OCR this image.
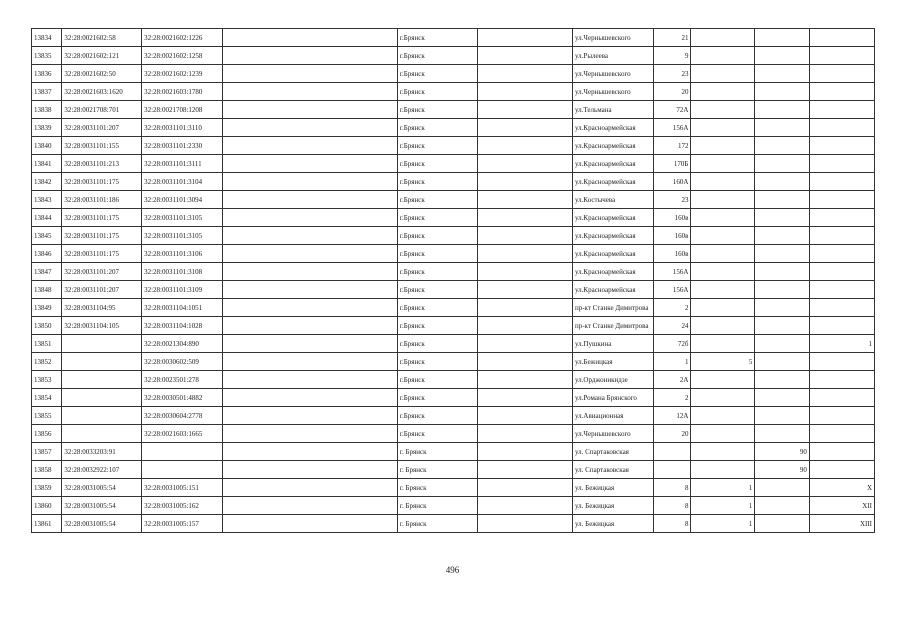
13834	32:28:0021602:58	32:28:0021602:1226		г.Брянск		ул.Чернышевского	21			
13835	32:28:0021602:121	32:28:0021602:1258		г.Брянск		ул.Рылеева	9			
13836	32:28:0021602:50	32:28:0021602:1239		г.Брянск		ул.Чернышевского	23			
13837	32:28:0021603:1620	32:28:0021603:1780		г.Брянск		ул.Чернышевского	20			
13838	32:28:0021708:701	32:28:0021708:1208		г.Брянск		ул.Тельмана	72А			
13839	32:28:0031101:207	32:28:0031101:3110		г.Брянск		ул.Красноармейская	156А			
13840	32:28:0031101:155	32:28:0031101:2330		г.Брянск		ул.Красноармейская	172			
13841	32:28:0031101:213	32:28:0031101:3111		г.Брянск		ул.Красноармейская	170Б			
13842	32:28:0031101:175	32:28:0031101:3104		г.Брянск		ул.Красноармейская	160А			
13843	32:28:0031101:186	32:28:0031101:3094		г.Брянск		ул.Костычева	23			
13844	32:28:0031101:175	32:28:0031101:3105		г.Брянск		ул.Красноармейская	160в			
13845	32:28:0031101:175	32:28:0031101:3105		г.Брянск		ул.Красноармейская	160в			
13846	32:28:0031101:175	32:28:0031101:3106		г.Брянск		ул.Красноармейская	160в			
13847	32:28:0031101:207	32:28:0031101:3108		г.Брянск		ул.Красноармейская	156А			
13848	32:28:0031101:207	32:28:0031101:3109		г.Брянск		ул.Красноармейская	156А			
13849	32:28:0031104:95	32:28:0031104:1051		г.Брянск		пр-кт Станке Димитрова	2			
13850	32:28:0031104:105	32:28:0031104:1028		г.Брянск		пр-кт Станке Димитрова	24			
13851		32:28:0021304:890		г.Брянск		ул.Пушкина	72б			1
13852		32:28:0030602:509		г.Брянск		ул.Бежицкая	1	5		
13853		32:28:0023501:278		г.Брянск		ул.Орджоникидзе	2А			
13854		32:28:0030501:4882		г.Брянск		ул.Романа Брянского	2			
13855		32:28:0030604:2778		г.Брянск		ул.Авиационная	12А			
13856		32:28:0021603:1665		г.Брянск		ул.Чернышевского	20			
13857	32:28:0033203:91			г. Брянск		ул. Спартаковская			90	
13858	32:28:0032922:107			г. Брянск		ул. Спартаковская			90	
13859	32:28:0031005:54	32:28:0031005:151		г. Брянск		ул. Бежицкая	8	1		X
13860	32:28:0031005:54	32:28:0031005:162		г. Брянск		ул. Бежицкая	8	1		XII
13861	32:28:0031005:54	32:28:0031005:157		г. Брянск		ул. Бежицкая	8	1		XIII
496
